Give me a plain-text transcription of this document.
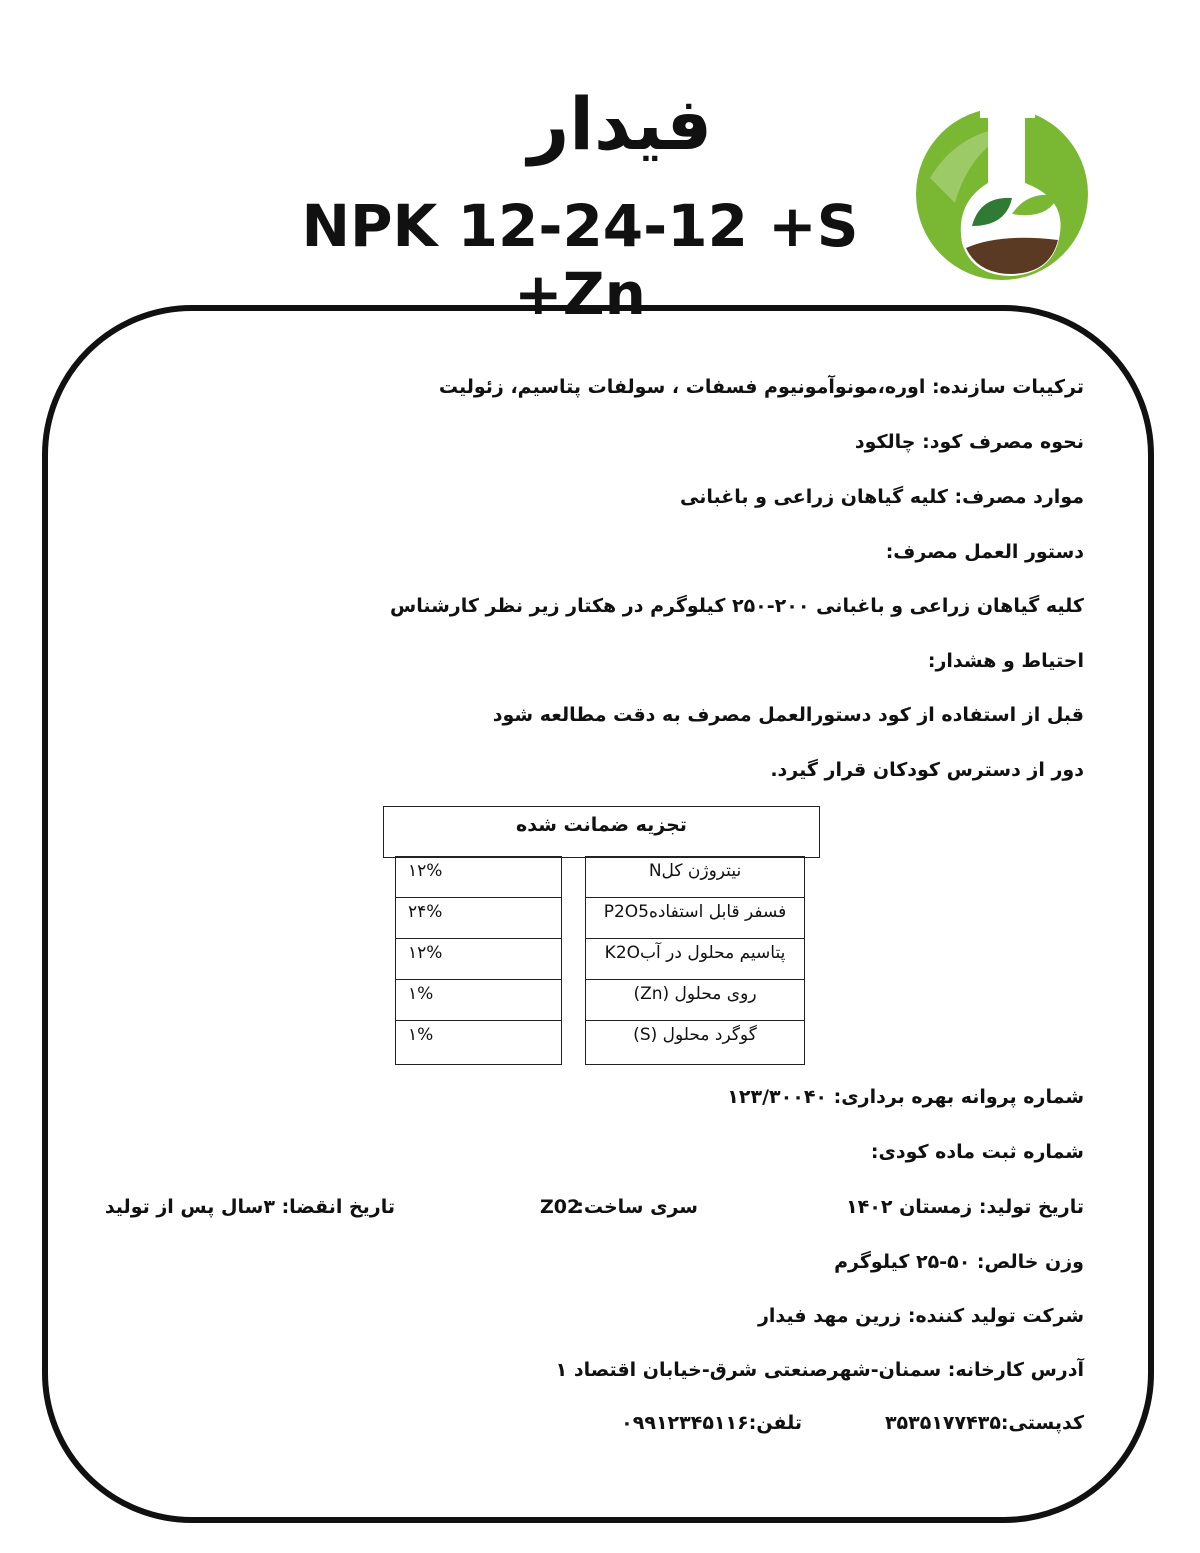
فیدار
NPK 12-24-12 +S +Zn
ترکیبات سازنده: اوره،مونوآمونیوم فسفات ، سولفات پتاسیم، زئولیت
نحوه مصرف کود: چالکود
موارد مصرف: کلیه گیاهان زراعی و باغبانی
دستور العمل مصرف:
کلیه گیاهان زراعی و باغبانی ۲۰۰-۲۵۰ کیلوگرم در هکتار زیر نظر کارشناس
احتیاط و هشدار:
قبل از استفاده از کود دستورالعمل مصرف به دقت مطالعه شود
دور از دسترس کودکان قرار گیرد.
تجزیه ضمانت شده
نیتروژن کلN
فسفر قابل استفادهP2O5
پتاسیم محلول در آبK2O
روی محلول (Zn)
گوگرد محلول (S)
۱۲%
۲۴%
۱۲%
۱%
۱%
شماره پروانه بهره برداری: ۱۲۳/۳۰۰۴۰
شماره ثبت ماده کودی:
تاریخ تولید: زمستان ۱۴۰۲
سری ساخت:
Z02
تاریخ انقضا: ۳سال پس از تولید
وزن خالص: ۵۰-۲۵ کیلوگرم
شرکت تولید کننده: زرین مهد فیدار
آدرس کارخانه: سمنان-شهرصنعتی شرق-خیابان اقتصاد ۱
کدپستی:۳۵۳۵۱۷۷۴۳۵
تلفن:۰۹۹۱۲۳۴۵۱۱۶
